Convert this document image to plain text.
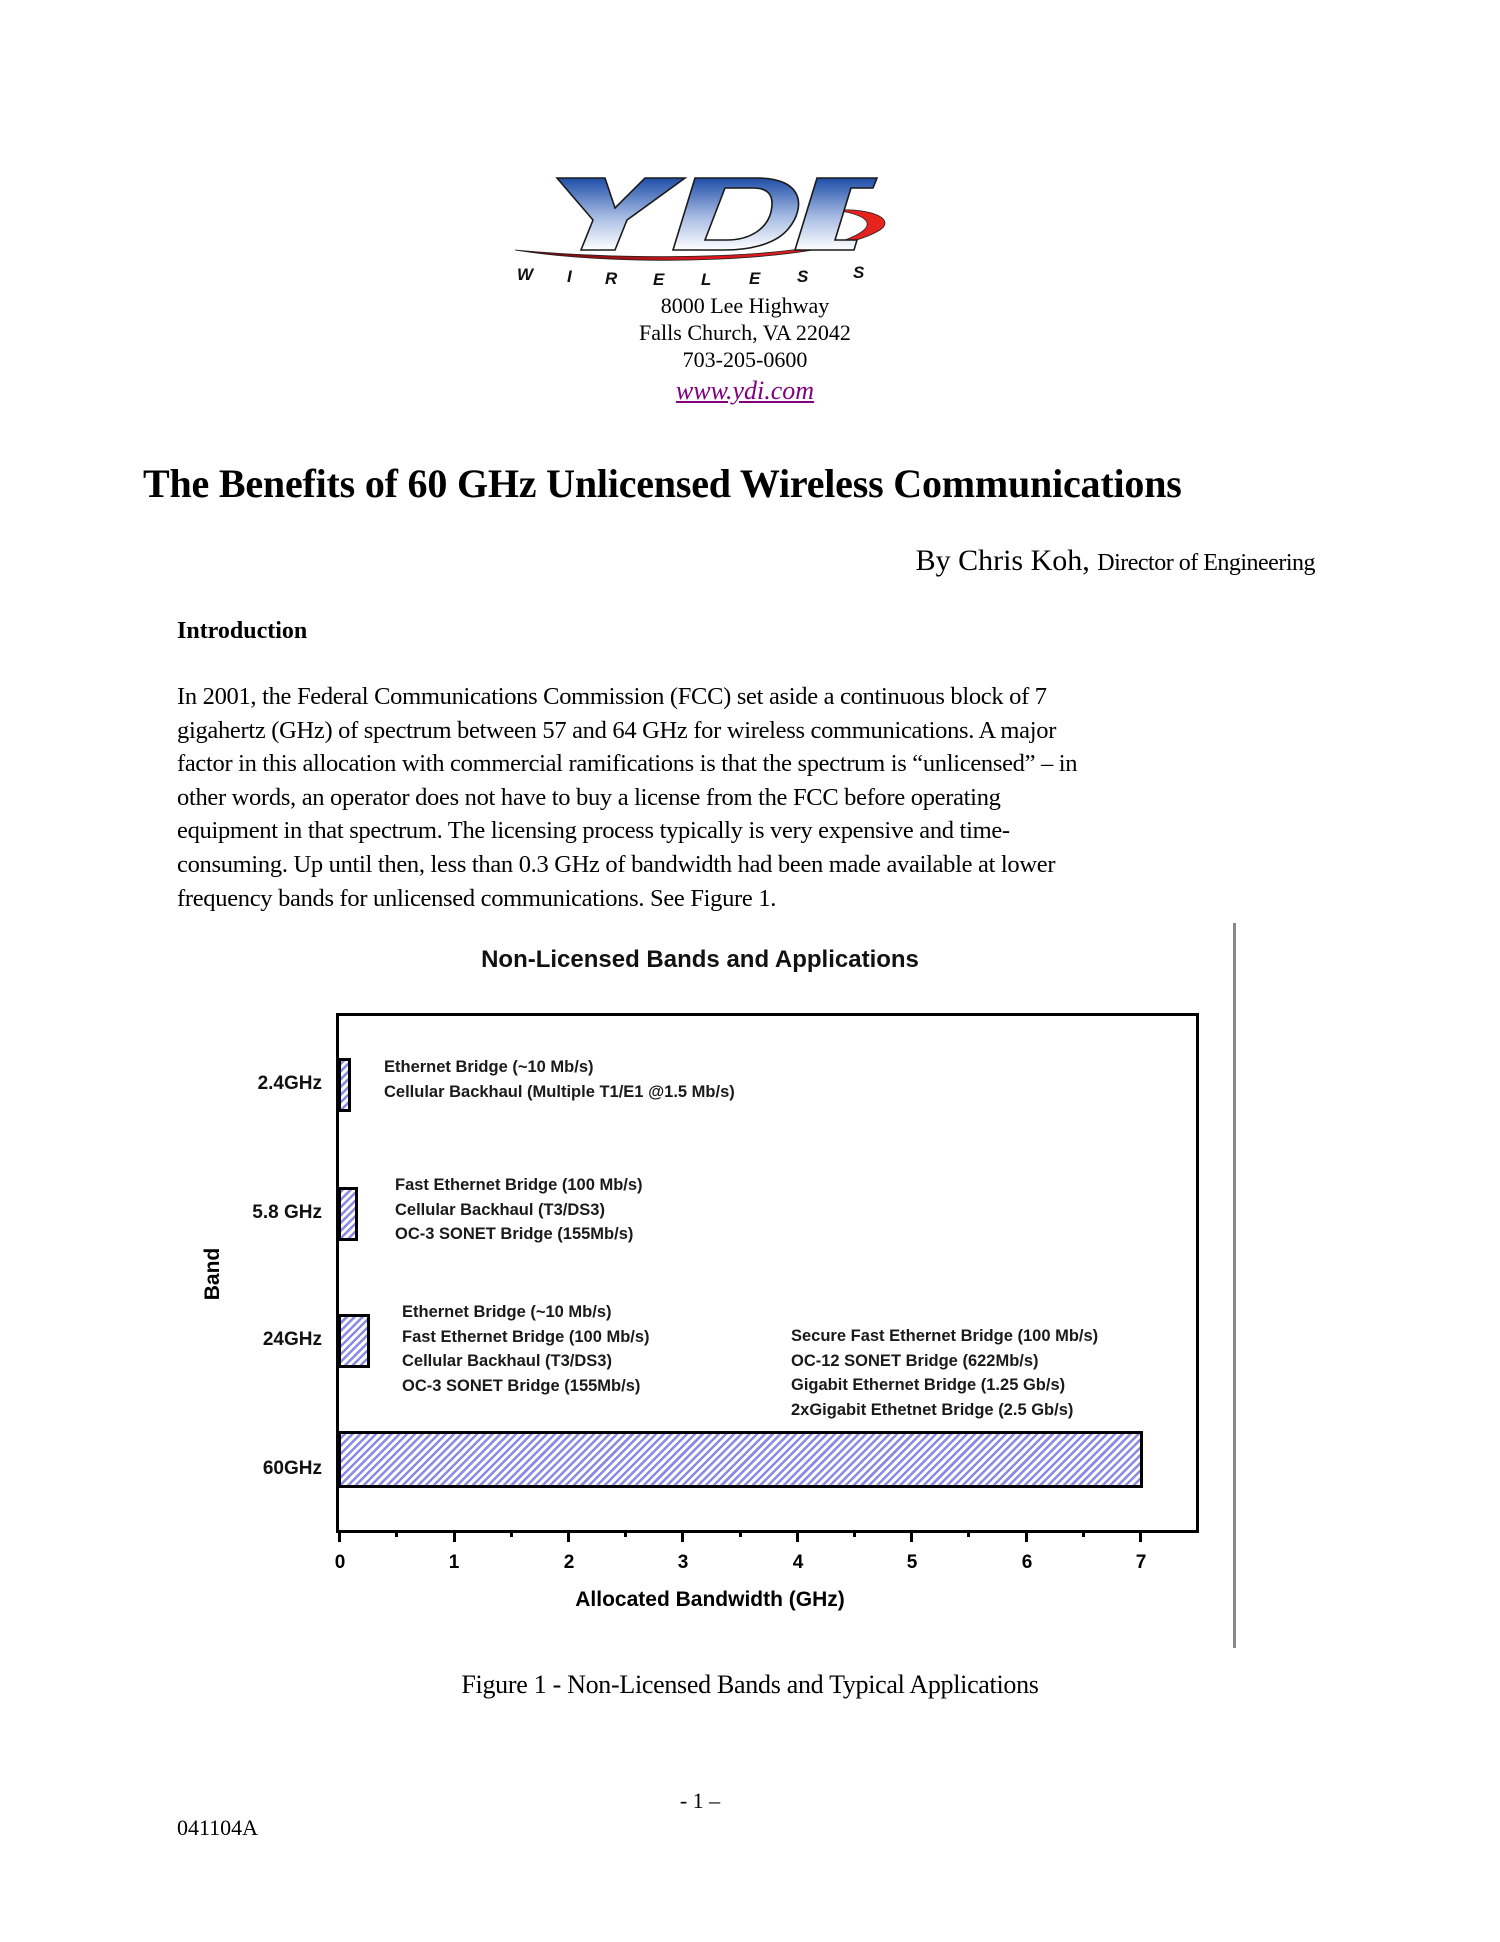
W I R E L E S	S
8000 Lee Highway
Falls Church, VA 22042
703-205-0600
www.ydi.com
The Benefits of 60 GHz Unlicensed Wireless Communications
By Chris Koh, Director of Engineering
Introduction
In 2001, the Federal Communications Commission (FCC) set aside a continuous block of 7
gigahertz (GHz) of spectrum between 57 and 64 GHz for wireless communications. A major
factor in this allocation with commercial ramifications is that the spectrum is “unlicensed” – in
other words, an operator does not have to buy a license from the FCC before operating
equipment in that spectrum. The licensing process typically is very expensive and time-
consuming. Up until then, less than 0.3 GHz of bandwidth had been made available at lower
frequency bands for unlicensed communications. See Figure 1.
Non-Licensed Bands and Applications
Band
2.4GHz
5.8 GHz
24GHz
60GHz
Ethernet Bridge (~10 Mb/s)
Cellular Backhaul (Multiple T1/E1 @1.5 Mb/s)
Fast Ethernet Bridge (100 Mb/s)
Cellular Backhaul (T3/DS3)
OC-3 SONET Bridge (155Mb/s)
Ethernet Bridge (~10 Mb/s)
Fast Ethernet Bridge (100 Mb/s)
Cellular Backhaul (T3/DS3)
OC-3 SONET Bridge (155Mb/s)
Secure Fast Ethernet Bridge (100 Mb/s)
OC-12 SONET Bridge (622Mb/s)
Gigabit Ethernet Bridge (1.25 Gb/s)
2xGigabit Ethetnet Bridge (2.5 Gb/s)
0	1	2	3	4	5	6	7
Allocated Bandwidth (GHz)
Figure 1 - Non-Licensed Bands and Typical Applications
- 1 –
041104A
